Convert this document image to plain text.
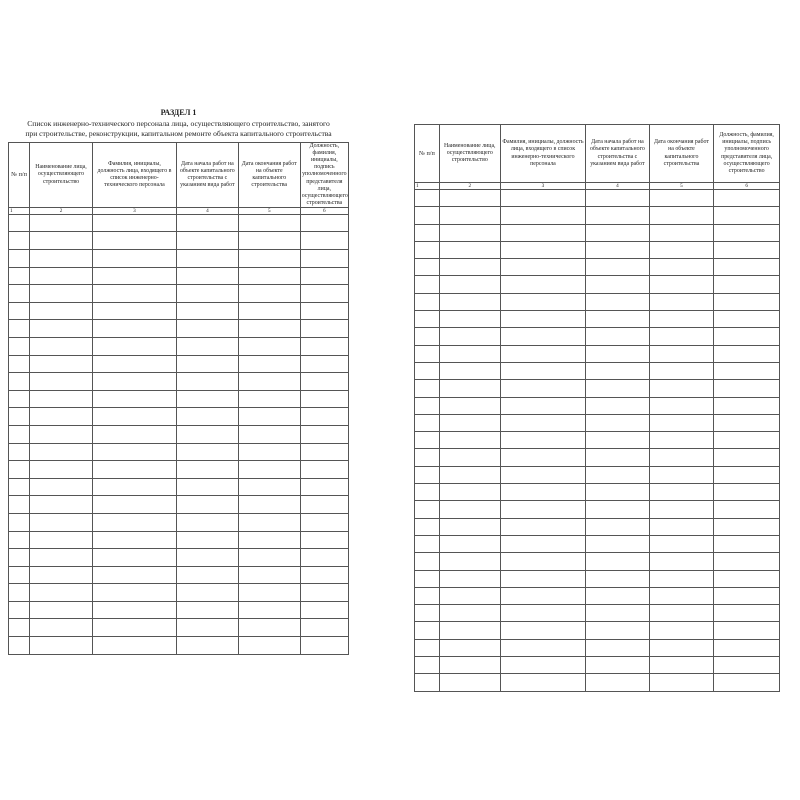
РАЗДЕЛ 1
Список инженерно-технического персонала лица, осуществляющего строительство, занятого
при строительстве, реконструкции, капитальном ремонте объекта капитального строительства
№ п/п	Наименование лица, осуществляющего строительство	Фамилия, инициалы, должность лица, входящего в список инженерно-технического персонала	Дата начала работ на объекте капитального строительства с указанием вида работ	Дата окончания работ на объекте капитального строительства	Должность, фамилия, инициалы, подпись уполномоченного представителя лица, осуществляющего строительства
1	2	3	4	5	6

№ п/п	Наименование лица, осуществляющего строительство	Фамилия, инициалы, должность лица, входящего в список инженерно-технического персонала	Дата начала работ на объекте капитального строительства с указанием вида работ	Дата окончания работ на объекте капитального строительства	Должность, фамилия, инициалы, подпись уполномоченного представителя лица, осуществляющего строительство
1	2	3	4	5	6
